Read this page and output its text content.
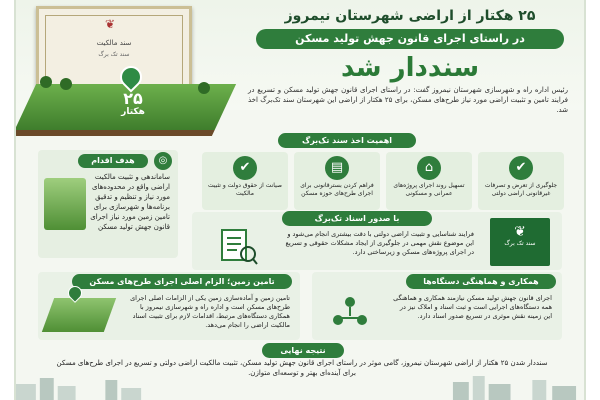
❦
سند مالکیت
سند تک برگ
۲۵
هکتار
۲۵ هکتار از اراضی شهرستان نیمروز
در راستای اجرای قانون جهش تولید مسکن
سنددار شد
رئیس اداره راه و شهرسازی شهرستان نیمروز گفت: در راستای اجرای قانون جهش تولید مسکن و تسریع در فرایند تامین و تثبیت اراضی مورد نیاز طرح‌های مسکن، برای ۲۵ هکتار از اراضی این شهرستان سند تک‌برگ اخذ شد.
اهمیت اخذ سند تک‌برگ
✔
جلوگیری از تعرض و تصرفات غیرقانونی اراضی دولتی
⌂
تسهیل روند اجرای پروژه‌های عمرانی و مسکونی
▤
فراهم کردن بسترقانونی برای اجرای طرح‌های حوزه مسکن
✔
صیانت از حقوق دولت و تثبیت مالکیت
هدف اقدام	◎
ساماندهی و تثبیت مالکیت اراضی واقع در محدوده‌های مورد نیاز و تنظیم و تدقیق برنامه‌ها و شهرسازی برای تامین زمین مورد نیاز اجرای قانون جهش تولید مسکن
با صدور اسناد تک‌برگ
فرایند شناسایی و تثبیت اراضی دولتی با دقت بیشتری انجام می‌شود و این موضوع نقش مهمی در جلوگیری از ایجاد مشکلات حقوقی و تسریع در اجرای پروژه‌های مسکن و زیرساختی دارد.
❦
سند تک برگ
تامین زمین؛ الزام اصلی اجرای طرح‌های مسکن
تامین زمین و آماده‌سازی زمین یکی از الزامات اصلی اجرای طرح‌های مسکن است و اداره راه و شهرسازی نیمروز با همکاری دستگاه‌های مرتبط، اقدامات لازم برای تثبیت اسناد مالکیت اراضی را انجام می‌دهد.
همکاری و هماهنگی دستگاه‌ها
اجرای قانون جهش تولید مسکن نیازمند همکاری و هماهنگی همه دستگاه‌های اجرایی است و ثبت اسناد و املاک نیز در این زمینه نقش موثری در تسریع صدور اسناد دارد.
نتیجه نهایی
سنددار شدن ۲۵ هکتار از اراضی شهرستان نیمروز، گامی موثر در راستای اجرای قانون جهش تولید مسکن، تثبیت مالکیت اراضی دولتی و تسریع در اجرای طرح‌های مسکن برای آینده‌ای بهتر و توسعه‌ای متوازن.
